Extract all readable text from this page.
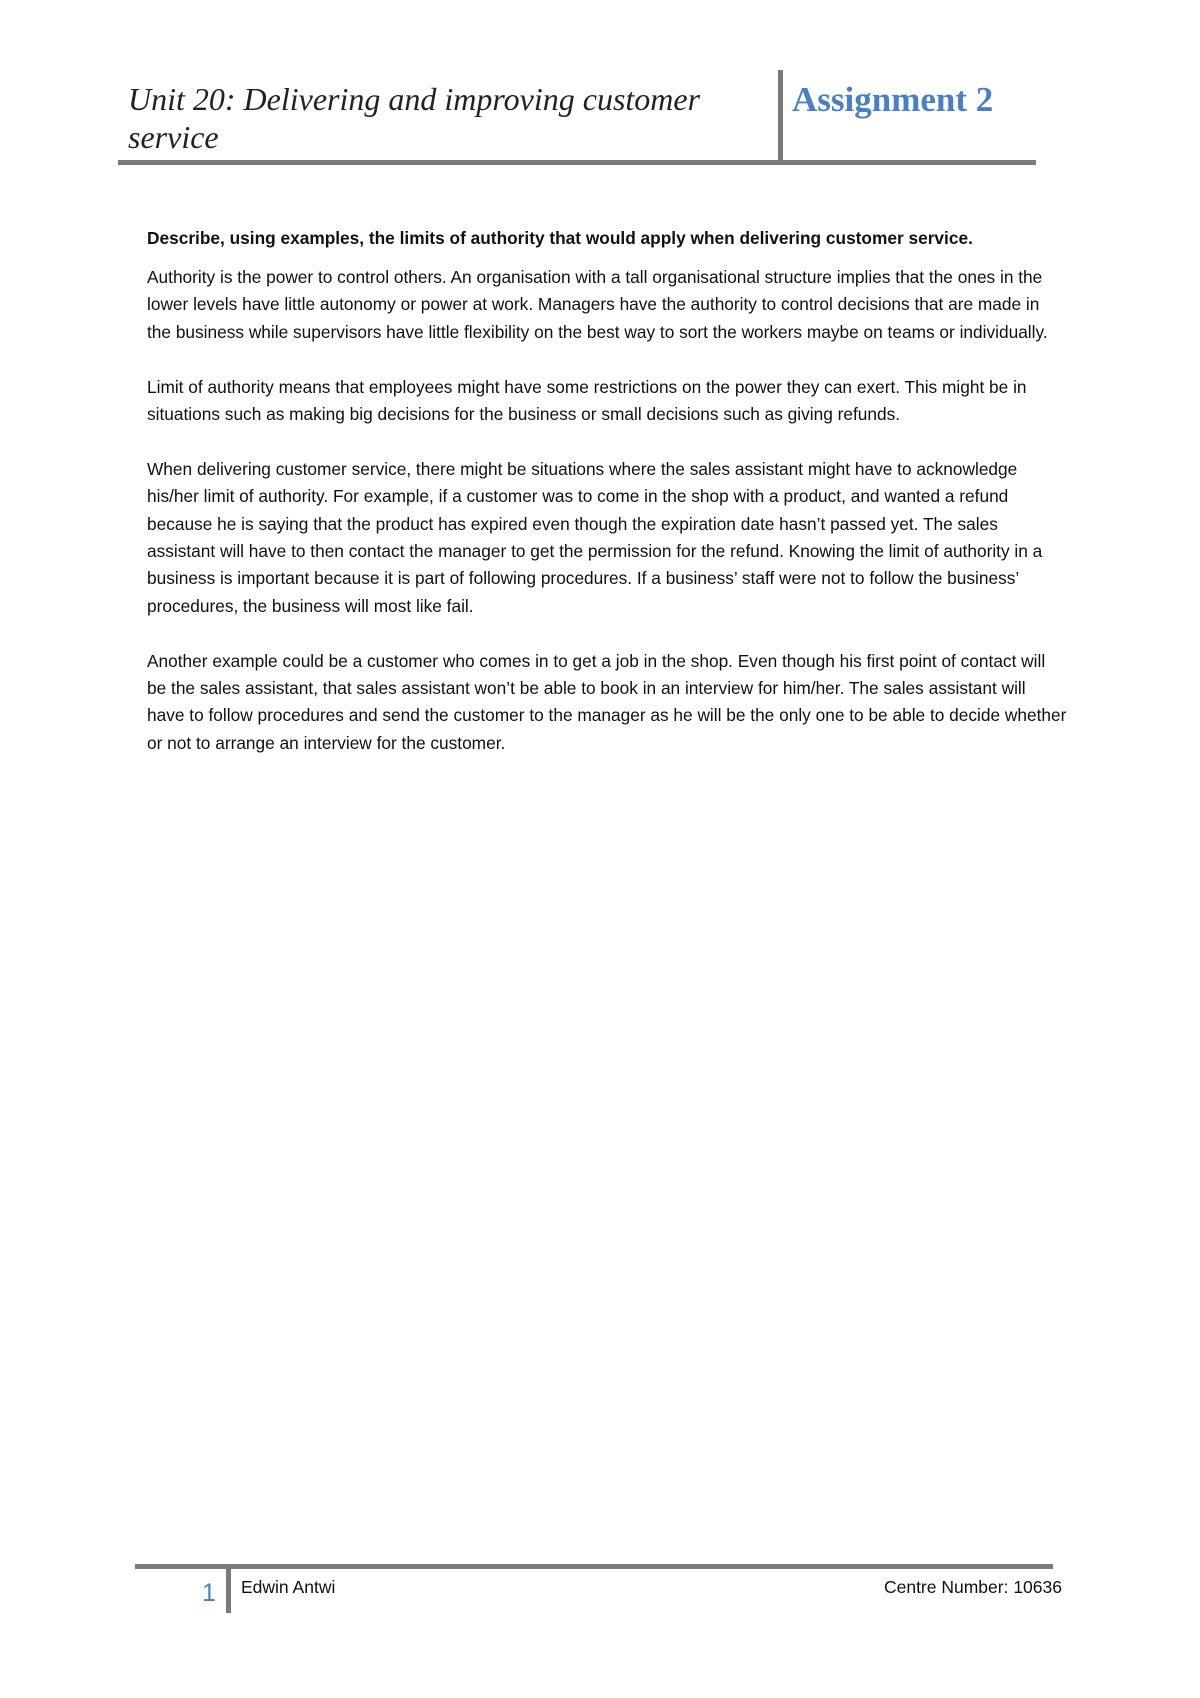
Unit 20: Delivering and improving customer service
Assignment 2

Describe, using examples, the limits of authority that would apply when delivering customer service.

Authority is the power to control others. An organisation with a tall organisational structure implies that the ones in the lower levels have little autonomy or power at work. Managers have the authority to control decisions that are made in the business while supervisors have little flexibility on the best way to sort the workers maybe on teams or individually.

Limit of authority means that employees might have some restrictions on the power they can exert. This might be in situations such as making big decisions for the business or small decisions such as giving refunds.

When delivering customer service, there might be situations where the sales assistant might have to acknowledge his/her limit of authority. For example, if a customer was to come in the shop with a product, and wanted a refund because he is saying that the product has expired even though the expiration date hasn’t passed yet. The sales assistant will have to then contact the manager to get the permission for the refund. Knowing the limit of authority in a business is important because it is part of following procedures. If a business’ staff were not to follow the business’ procedures, the business will most like fail.

Another example could be a customer who comes in to get a job in the shop. Even though his first point of contact will be the sales assistant, that sales assistant won’t be able to book in an interview for him/her. The sales assistant will have to follow procedures and send the customer to the manager as he will be the only one to be able to decide whether or not to arrange an interview for the customer.

1	Edwin Antwi	Centre Number: 10636
